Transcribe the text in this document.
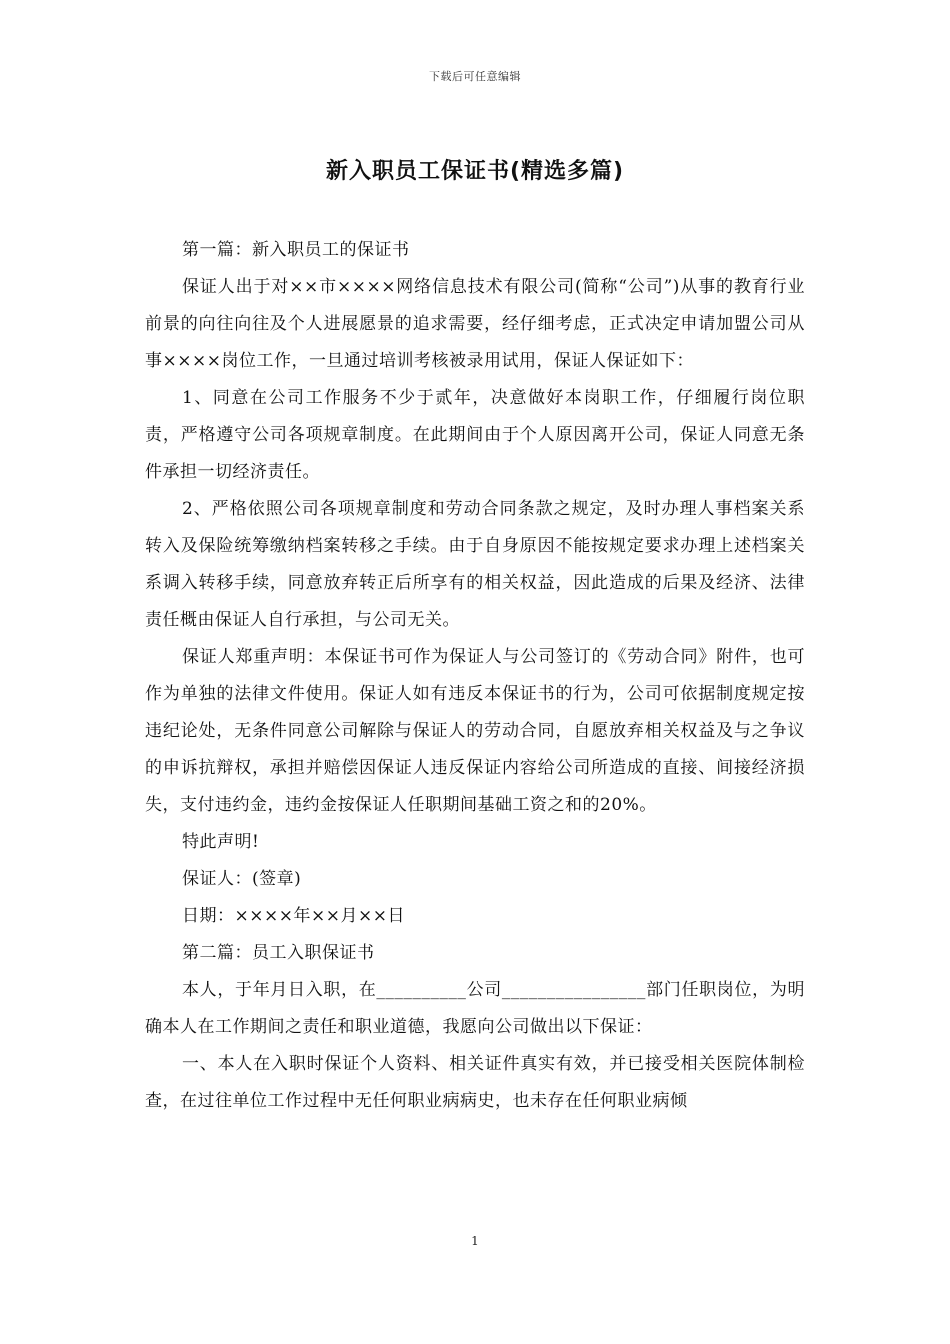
下载后可任意编辑
新入职员工保证书(精选多篇)

第一篇：新入职员工的保证书

保证人出于对××市××××网络信息技术有限公司(简称“公司”)从事的教育行业前景的向往向往及个人进展愿景的追求需要，经仔细考虑，正式决定申请加盟公司从事××××岗位工作，一旦通过培训考核被录用试用，保证人保证如下：

1、同意在公司工作服务不少于贰年，决意做好本岗职工作，仔细履行岗位职责，严格遵守公司各项规章制度。在此期间由于个人原因离开公司，保证人同意无条件承担一切经济责任。

2、严格依照公司各项规章制度和劳动合同条款之规定，及时办理人事档案关系转入及保险统筹缴纳档案转移之手续。由于自身原因不能按规定要求办理上述档案关系调入转移手续，同意放弃转正后所享有的相关权益，因此造成的后果及经济、法律责任概由保证人自行承担，与公司无关。

保证人郑重声明：本保证书可作为保证人与公司签订的《劳动合同》附件，也可作为单独的法律文件使用。保证人如有违反本保证书的行为，公司可依据制度规定按违纪论处，无条件同意公司解除与保证人的劳动合同，自愿放弃相关权益及与之争议的申诉抗辩权，承担并赔偿因保证人违反保证内容给公司所造成的直接、间接经济损失，支付违约金，违约金按保证人任职期间基础工资之和的20%。

特此声明!

保证人：(签章)

日期：××××年××月××日

第二篇：员工入职保证书

本人，于年月日入职，在__________公司________________部门任职岗位，为明确本人在工作期间之责任和职业道德，我愿向公司做出以下保证：

一、本人在入职时保证个人资料、相关证件真实有效，并已接受相关医院体制检查，在过往单位工作过程中无任何职业病病史，也未存在任何职业病倾

1
